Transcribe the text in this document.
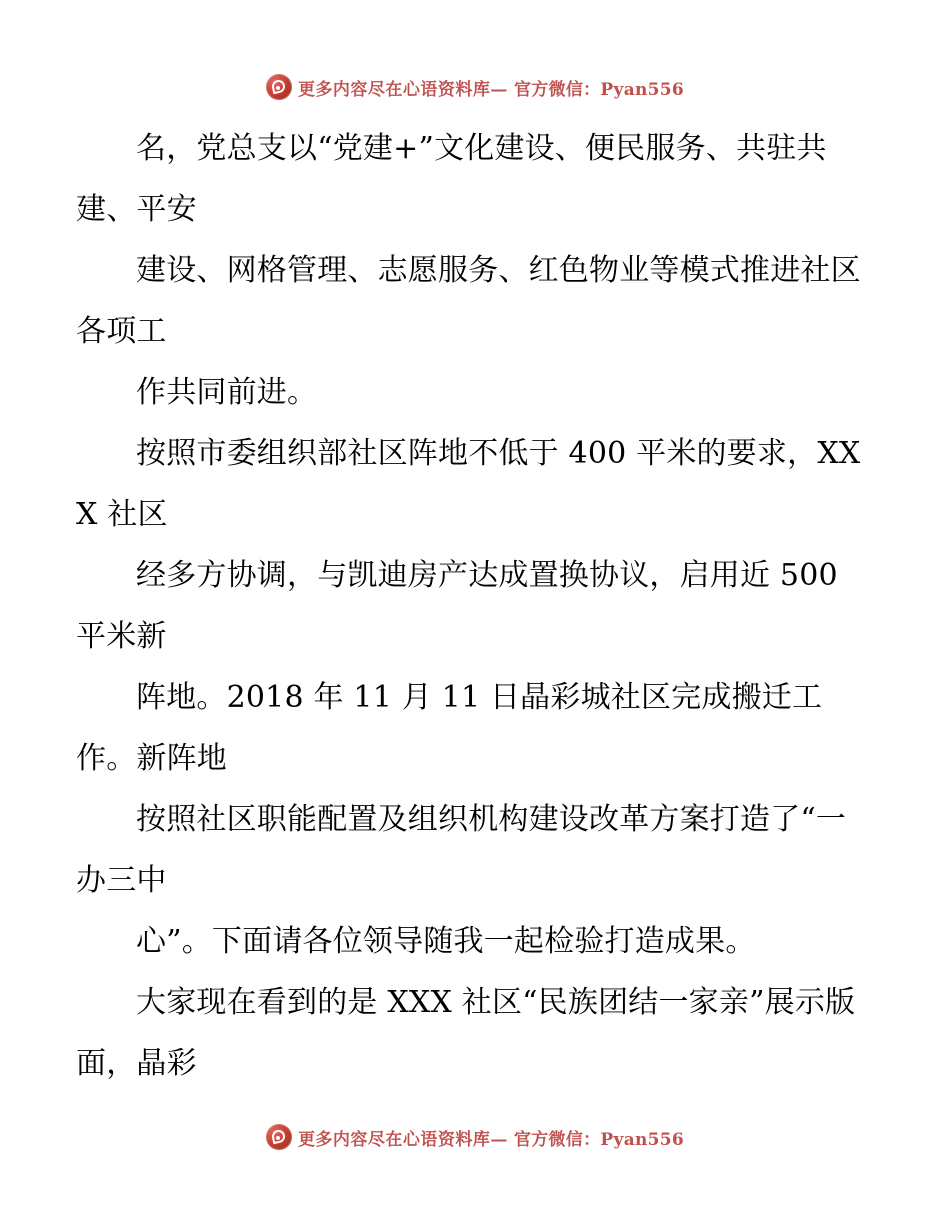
更多内容尽在心语资料库— 官方微信：Pyan556

名，党总支以“党建+”文化建设、便民服务、共驻共建、平安

建设、网格管理、志愿服务、红色物业等模式推进社区各项工

作共同前进。

按照市委组织部社区阵地不低于 400 平米的要求，XXX 社区

经多方协调，与凯迪房产达成置换协议，启用近 500 平米新

阵地。2018 年 11 月 11 日晶彩城社区完成搬迁工作。新阵地

按照社区职能配置及组织机构建设改革方案打造了“一办三中

心”。下面请各位领导随我一起检验打造成果。

大家现在看到的是 XXX 社区“民族团结一家亲”展示版面，晶彩

更多内容尽在心语资料库— 官方微信：Pyan556
